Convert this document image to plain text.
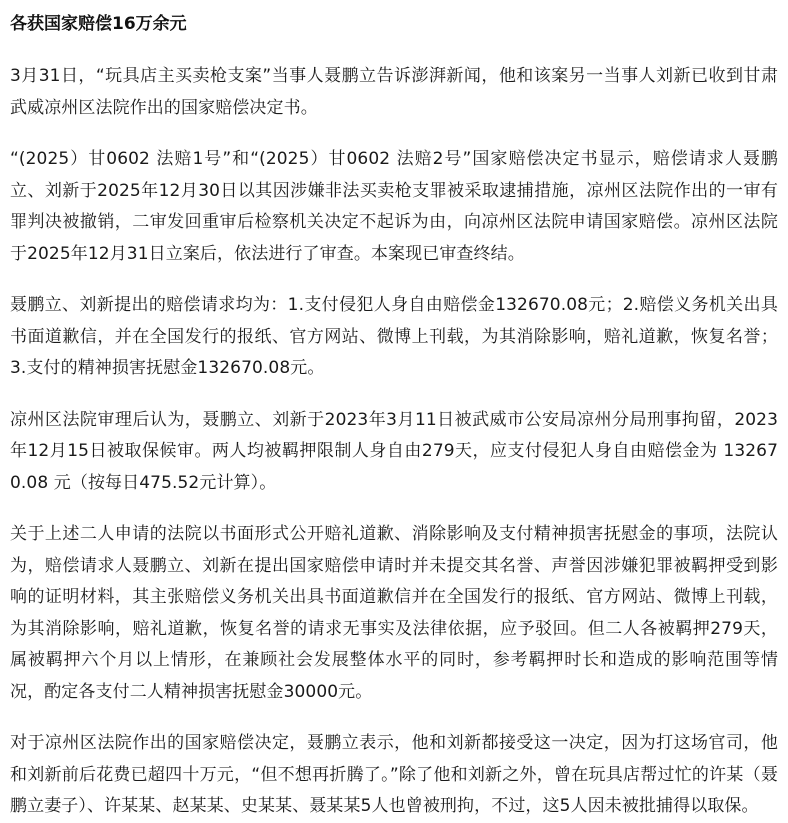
各获国家赔偿16万余元

3月31日，“玩具店主买卖枪支案”当事人聂鹏立告诉澎湃新闻，他和该案另一当事人刘新已收到甘肃武威凉州区法院作出的国家赔偿决定书。

“(2025）甘0602 法赔1号”和“(2025）甘0602 法赔2号”国家赔偿决定书显示，赔偿请求人聂鹏立、刘新于2025年12月30日以其因涉嫌非法买卖枪支罪被采取逮捕措施，凉州区法院作出的一审有罪判决被撤销，二审发回重审后检察机关决定不起诉为由，向凉州区法院申请国家赔偿。凉州区法院于2025年12月31日立案后，依法进行了审查。本案现已审查终结。

聂鹏立、刘新提出的赔偿请求均为：1.支付侵犯人身自由赔偿金132670.08元；2.赔偿义务机关出具书面道歉信，并在全国发行的报纸、官方网站、微博上刊载，为其消除影响，赔礼道歉，恢复名誉；3.支付的精神损害抚慰金132670.08元。

凉州区法院审理后认为，聂鹏立、刘新于2023年3月11日被武威市公安局凉州分局刑事拘留，2023年12月15日被取保候审。两人均被羁押限制人身自由279天，应支付侵犯人身自由赔偿金为 132670.08 元（按每日475.52元计算）。

关于上述二人申请的法院以书面形式公开赔礼道歉、消除影响及支付精神损害抚慰金的事项，法院认为，赔偿请求人聂鹏立、刘新在提出国家赔偿申请时并未提交其名誉、声誉因涉嫌犯罪被羁押受到影响的证明材料，其主张赔偿义务机关出具书面道歉信并在全国发行的报纸、官方网站、微博上刊载，为其消除影响，赔礼道歉，恢复名誉的请求无事实及法律依据，应予驳回。但二人各被羁押279天，属被羁押六个月以上情形，在兼顾社会发展整体水平的同时，参考羁押时长和造成的影响范围等情况，酌定各支付二人精神损害抚慰金30000元。

对于凉州区法院作出的国家赔偿决定，聂鹏立表示，他和刘新都接受这一决定，因为打这场官司，他和刘新前后花费已超四十万元，“但不想再折腾了。”除了他和刘新之外，曾在玩具店帮过忙的许某（聂鹏立妻子）、许某某、赵某某、史某某、聂某某5人也曾被刑拘，不过，这5人因未被批捕得以取保。
